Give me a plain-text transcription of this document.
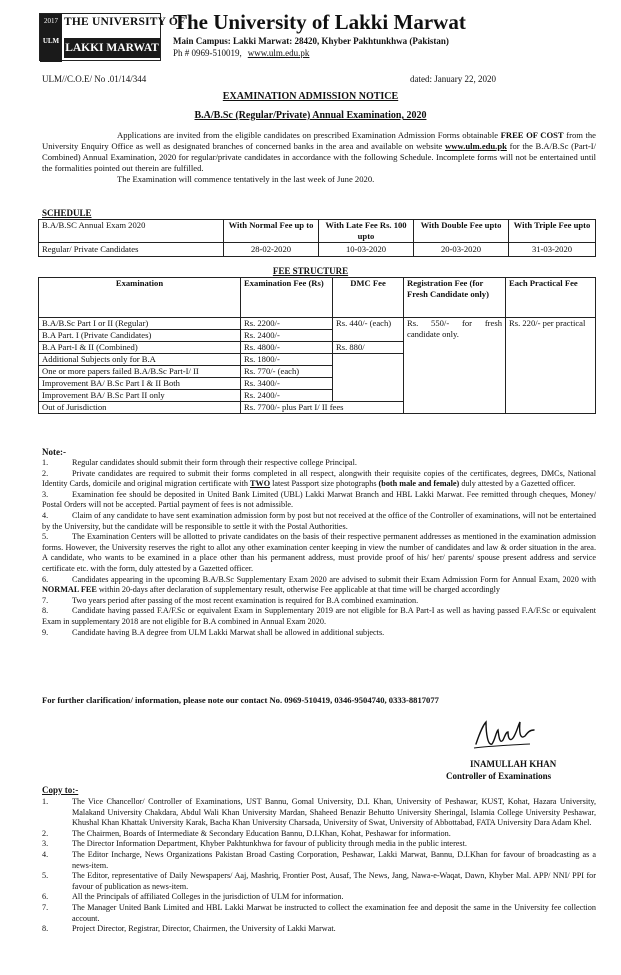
2017
ULM
THE UNIVERSITY OF
LAKKI MARWAT
The University of Lakki Marwat
Main Campus: Lakki Marwat: 28420, Khyber Pakhtunkhwa (Pakistan)
Ph # 0969-510019, www.ulm.edu.pk
ULM//C.O.E/ No .01/14/344	dated: January 22, 2020
EXAMINATION ADMISSION NOTICE
B.A/B.Sc (Regular/Private) Annual Examination, 2020

Applications are invited from the eligible candidates on prescribed Examination Admission Forms obtainable FREE OF COST from the University Enquiry Office as well as designated branches of concerned banks in the area and available on website www.ulm.edu.pk for the B.A/B.Sc (Part-I/ Combined) Annual Examination, 2020 for regular/private candidates in accordance with the following Schedule. Incomplete forms will not be entertained until the formalities pointed out therein are fulfilled.

The Examination will commence tentatively in the last week of June 2020.

SCHEDULE
B.A/B.SC Annual Exam 2020	With Normal Fee up to	With Late Fee Rs. 100 upto	With Double Fee upto	With Triple Fee upto
Regular/ Private Candidates	28-02-2020	10-03-2020	20-03-2020	31-03-2020
FEE STRUCTURE
Examination	Examination Fee (Rs)	DMC Fee	Registration Fee (for Fresh Candidate only)	Each Practical Fee
B.A/B.Sc Part I or II (Regular)	Rs. 2200/-	Rs. 440/- (each)	Rs. 550/- for fresh candidate only.	Rs. 220/- per practical
B.A Part. I (Private Candidates)	Rs. 2400/-			
B.A Part-I & II (Combined)	Rs. 4800/-	Rs. 880/		
Additional Subjects only for B.A	Rs. 1800/-			
One or more papers failed B.A/B.Sc Part-I/ II	Rs. 770/- (each)			
Improvement BA/ B.Sc Part I & II Both	Rs. 3400/-			
Improvement BA/ B.Sc Part II only	Rs. 2400/-			
Out of Jurisdiction	Rs. 7700/- plus Part I/ II fees			
Note:-
1.	Regular candidates should submit their form through their respective college Principal.
2.	Private candidates are required to submit their forms completed in all respect, alongwith their requisite copies of the certificates, degrees, DMCs, National Identity Cards, domicile and original migration certificate with TWO latest Passport size photographs (both male and female) duly attested by a Gazetted officer.
3.	Examination fee should be deposited in United Bank Limited (UBL) Lakki Marwat Branch and HBL Lakki Marwat. Fee remitted through cheques, Money/ Postal Orders will not be accepted. Partial payment of fees is not admissible.
4.	Claim of any candidate to have sent examination admission form by post but not received at the office of the Controller of examinations, will not be entertained by the University, but the candidate will be responsible to settle it with the Postal Authorities.
5.	The Examination Centers will be allotted to private candidates on the basis of their respective permanent addresses as mentioned in the examination admission forms. However, the University reserves the right to allot any other examination center keeping in view the number of candidates and law & order situation in the area. A candidate, who wants to be examined in a place other than his permanent address, must provide proof of his/ her/ parents/ spouse present address and service certificate etc. with the form, duly attested by a Gazetted officer.
6.	Candidates appearing in the upcoming B.A/B.Sc Supplementary Exam 2020 are advised to submit their Exam Admission Form for Annual Exam, 2020 with NORMAL FEE within 20-days after declaration of supplementary result, otherwise Fee applicable at that time will be charged accordingly
7.	Two years period after passing of the most recent examination is required for B.A combined examination.
8.	Candidate having passed F.A/F.Sc or equivalent Exam in Supplementary 2019 are not eligible for B.A Part-I as well as having passed F.A/F.Sc or equivalent Exam in supplementary 2018 are not eligible for B.A combined in Annual Exam 2020.
9.	Candidate having B.A degree from ULM Lakki Marwat shall be allowed in additional subjects.
For further clarification/ information, please note our contact No. 0969-510419, 0346-9504740, 0333-8817077
INAMULLAH KHAN
Controller of Examinations
Copy to:-
1.	The Vice Chancellor/ Controller of Examinations, UST Bannu, Gomal University, D.I. Khan, University of Peshawar, KUST, Kohat, Hazara University, Malakand University Chakdara, Abdul Wali Khan University Mardan, Shaheed Benazir Behutto University Sheringal, Islamia College University Peshawar, Khushal Khan Khattak University Karak, Bacha Khan University Charsada, University of Swat, University of Abbottabad, FATA University Dara Adam Khel.
2.	The Chairmen, Boards of Intermediate & Secondary Education Bannu, D.I.Khan, Kohat, Peshawar for information.
3.	The Director Information Department, Khyber Pakhtunkhwa for favour of publicity through media in the public interest.
4.	The Editor Incharge, News Organizations Pakistan Broad Casting Corporation, Peshawar, Lakki Marwat, Bannu, D.I.Khan for favour of broadcasting as a news-item.
5.	The Editor, representative of Daily Newspapers/ Aaj, Mashriq, Frontier Post, Ausaf, The News, Jang, Nawa-e-Waqat, Dawn, Khyber Mal. APP/ NNI/ PPI for favour of publication as news-item.
6.	All the Principals of affiliated Colleges in the jurisdiction of ULM for information.
7.	The Manager United Bank Limited and HBL Lakki Marwat be instructed to collect the examination fee and deposit the same in the University fee collection account.
8.	Project Director, Registrar, Director, Chairmen, the University of Lakki Marwat.
